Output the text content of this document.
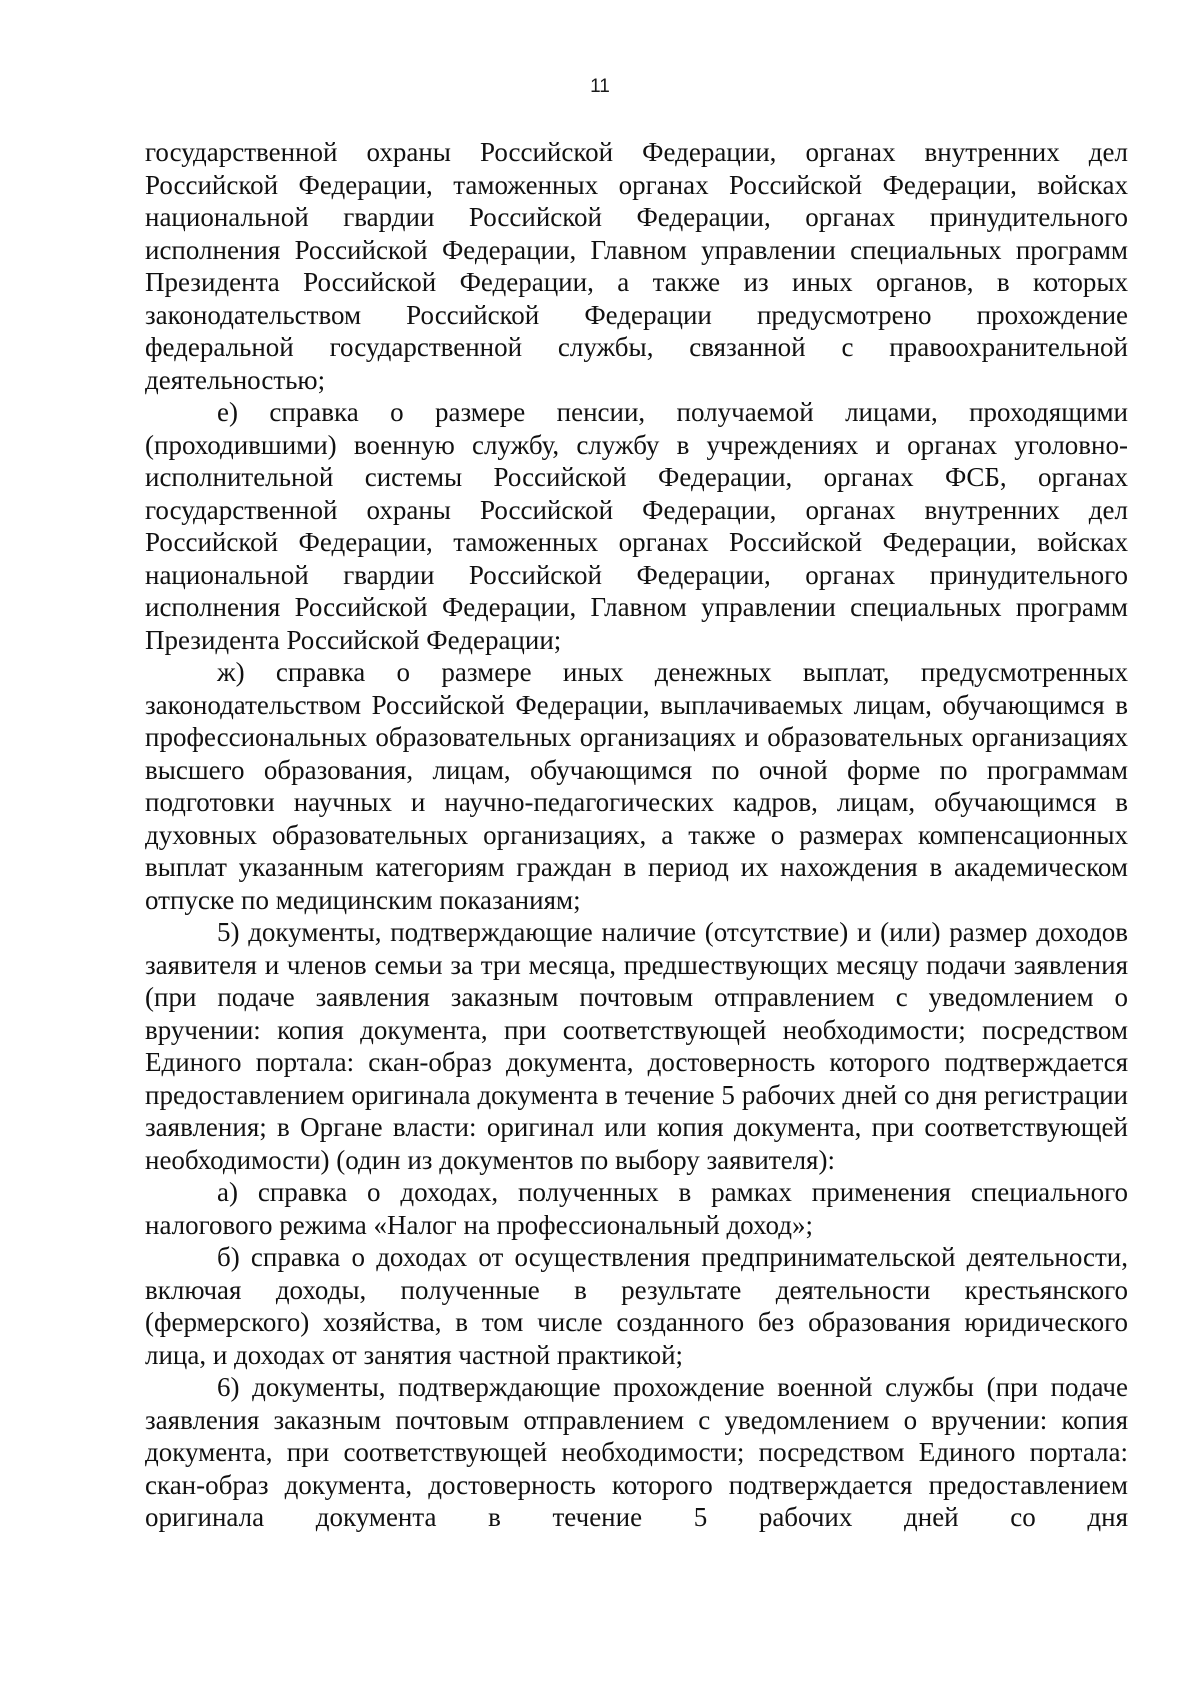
11

государственной охраны Российской Федерации, органах внутренних дел Российской Федерации, таможенных органах Российской Федерации, войсках национальной гвардии Российской Федерации, органах принудительного исполнения Российской Федерации, Главном управлении специальных программ Президента Российской Федерации, а также из иных органов, в которых законодательством Российской Федерации предусмотрено прохождение федеральной государственной службы, связанной с правоохранительной деятельностью;

е) справка о размере пенсии, получаемой лицами, проходящими (проходившими) военную службу, службу в учреждениях и органах уголовно-исполнительной системы Российской Федерации, органах ФСБ, органах государственной охраны Российской Федерации, органах внутренних дел Российской Федерации, таможенных органах Российской Федерации, войсках национальной гвардии Российской Федерации, органах принудительного исполнения Российской Федерации, Главном управлении специальных программ Президента Российской Федерации;

ж) справка о размере иных денежных выплат, предусмотренных законодательством Российской Федерации, выплачиваемых лицам, обучающимся в профессиональных образовательных организациях и образовательных организациях высшего образования, лицам, обучающимся по очной форме по программам подготовки научных и научно-педагогических кадров, лицам, обучающимся в духовных образовательных организациях, а также о размерах компенсационных выплат указанным категориям граждан в период их нахождения в академическом отпуске по медицинским показаниям;

5) документы, подтверждающие наличие (отсутствие) и (или) размер доходов заявителя и членов семьи за три месяца, предшествующих месяцу подачи заявления (при подаче заявления заказным почтовым отправлением с уведомлением о вручении: копия документа, при соответствующей необходимости; посредством Единого портала: скан-образ документа, достоверность которого подтверждается предоставлением оригинала документа в течение 5 рабочих дней со дня регистрации заявления; в Органе власти: оригинал или копия документа, при соответствующей необходимости) (один из документов по выбору заявителя):

а) справка о доходах, полученных в рамках применения специального налогового режима «Налог на профессиональный доход»;

б) справка о доходах от осуществления предпринимательской деятельности, включая доходы, полученные в результате деятельности крестьянского (фермерского) хозяйства, в том числе созданного без образования юридического лица, и доходах от занятия частной практикой;

6) документы, подтверждающие прохождение военной службы (при подаче заявления заказным почтовым отправлением с уведомлением о вручении: копия документа, при соответствующей необходимости; посредством Единого портала: скан-образ документа, достоверность которого подтверждается предоставлением оригинала документа в течение 5 рабочих дней со дня
